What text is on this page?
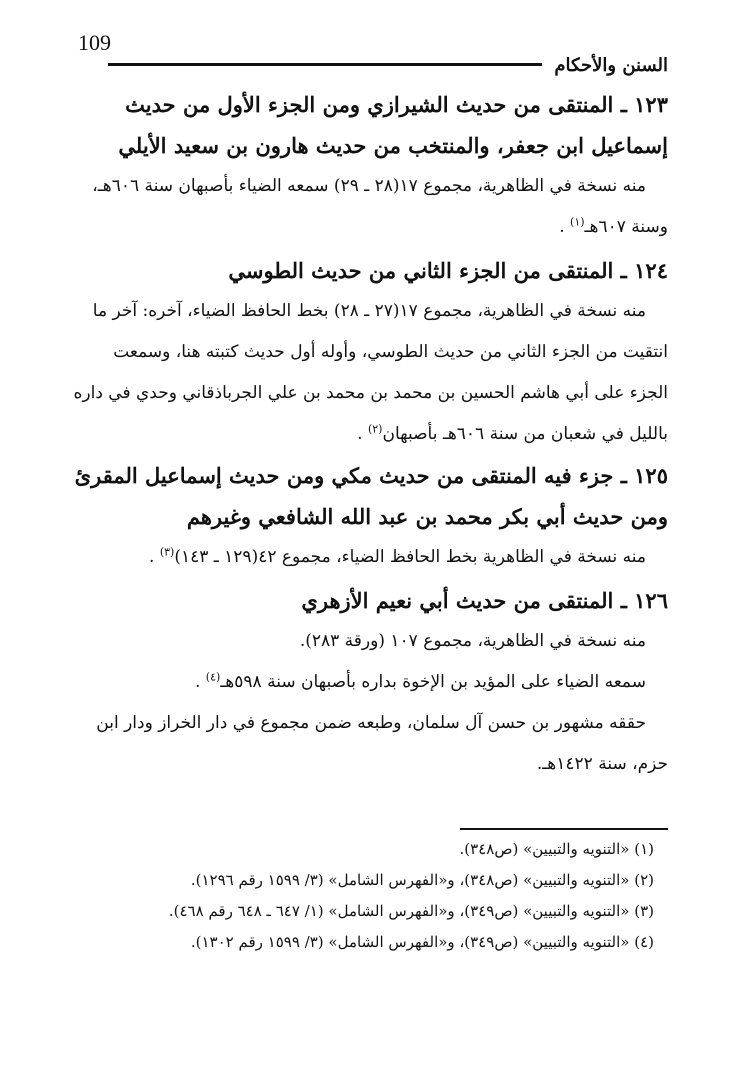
109
السنن والأحكام

١٢٣ ـ المنتقى من حديث الشيرازي ومن الجزء الأول من حديث إسماعيل ابن جعفر، والمنتخب من حديث هارون بن سعيد الأيلي

منه نسخة في الظاهرية، مجموع ١٧(٢٨ ـ ٢٩) سمعه الضياء بأصبهان سنة ٦٠٦هـ، وسنة ٦٠٧هـ$^{(١)}$ .

١٢٤ ـ المنتقى من الجزء الثاني من حديث الطوسي

منه نسخة في الظاهرية، مجموع ١٧(٢٧ ـ ٢٨) بخط الحافظ الضياء، آخره: آخر ما انتقيت من الجزء الثاني من حديث الطوسي، وأوله أول حديث كتبته هنا، وسمعت الجزء على أبي هاشم الحسين بن محمد بن محمد بن علي الجرباذقاني وحدي في داره بالليل في شعبان من سنة ٦٠٦هـ بأصبهان$^{(٢)}$ .

١٢٥ ـ جزء فيه المنتقى من حديث مكي ومن حديث إسماعيل المقرئ ومن حديث أبي بكر محمد بن عبد الله الشافعي وغيرهم

منه نسخة في الظاهرية بخط الحافظ الضياء، مجموع ٤٢(١٢٩ ـ ١٤٣)$^{(٣)}$ .

١٢٦ ـ المنتقى من حديث أبي نعيم الأزهري

منه نسخة في الظاهرية، مجموع ١٠٧ (ورقة ٢٨٣).

سمعه الضياء على المؤيد بن الإخوة بداره بأصبهان سنة ٥٩٨هـ$^{(٤)}$ .

حققه مشهور بن حسن آل سلمان، وطبعه ضمن مجموع في دار الخراز ودار ابن حزم، سنة ١٤٢٢هـ.

(١) «التنويه والتبيين» (ص٣٤٨).

(٢) «التنويه والتبيين» (ص٣٤٨)، و«الفهرس الشامل» (٣/ ١٥٩٩ رقم ١٢٩٦).

(٣) «التنويه والتبيين» (ص٣٤٩)، و«الفهرس الشامل» (١/ ٦٤٧ ـ ٦٤٨ رقم ٤٦٨).

(٤) «التنويه والتبيين» (ص٣٤٩)، و«الفهرس الشامل» (٣/ ١٥٩٩ رقم ١٣٠٢).
